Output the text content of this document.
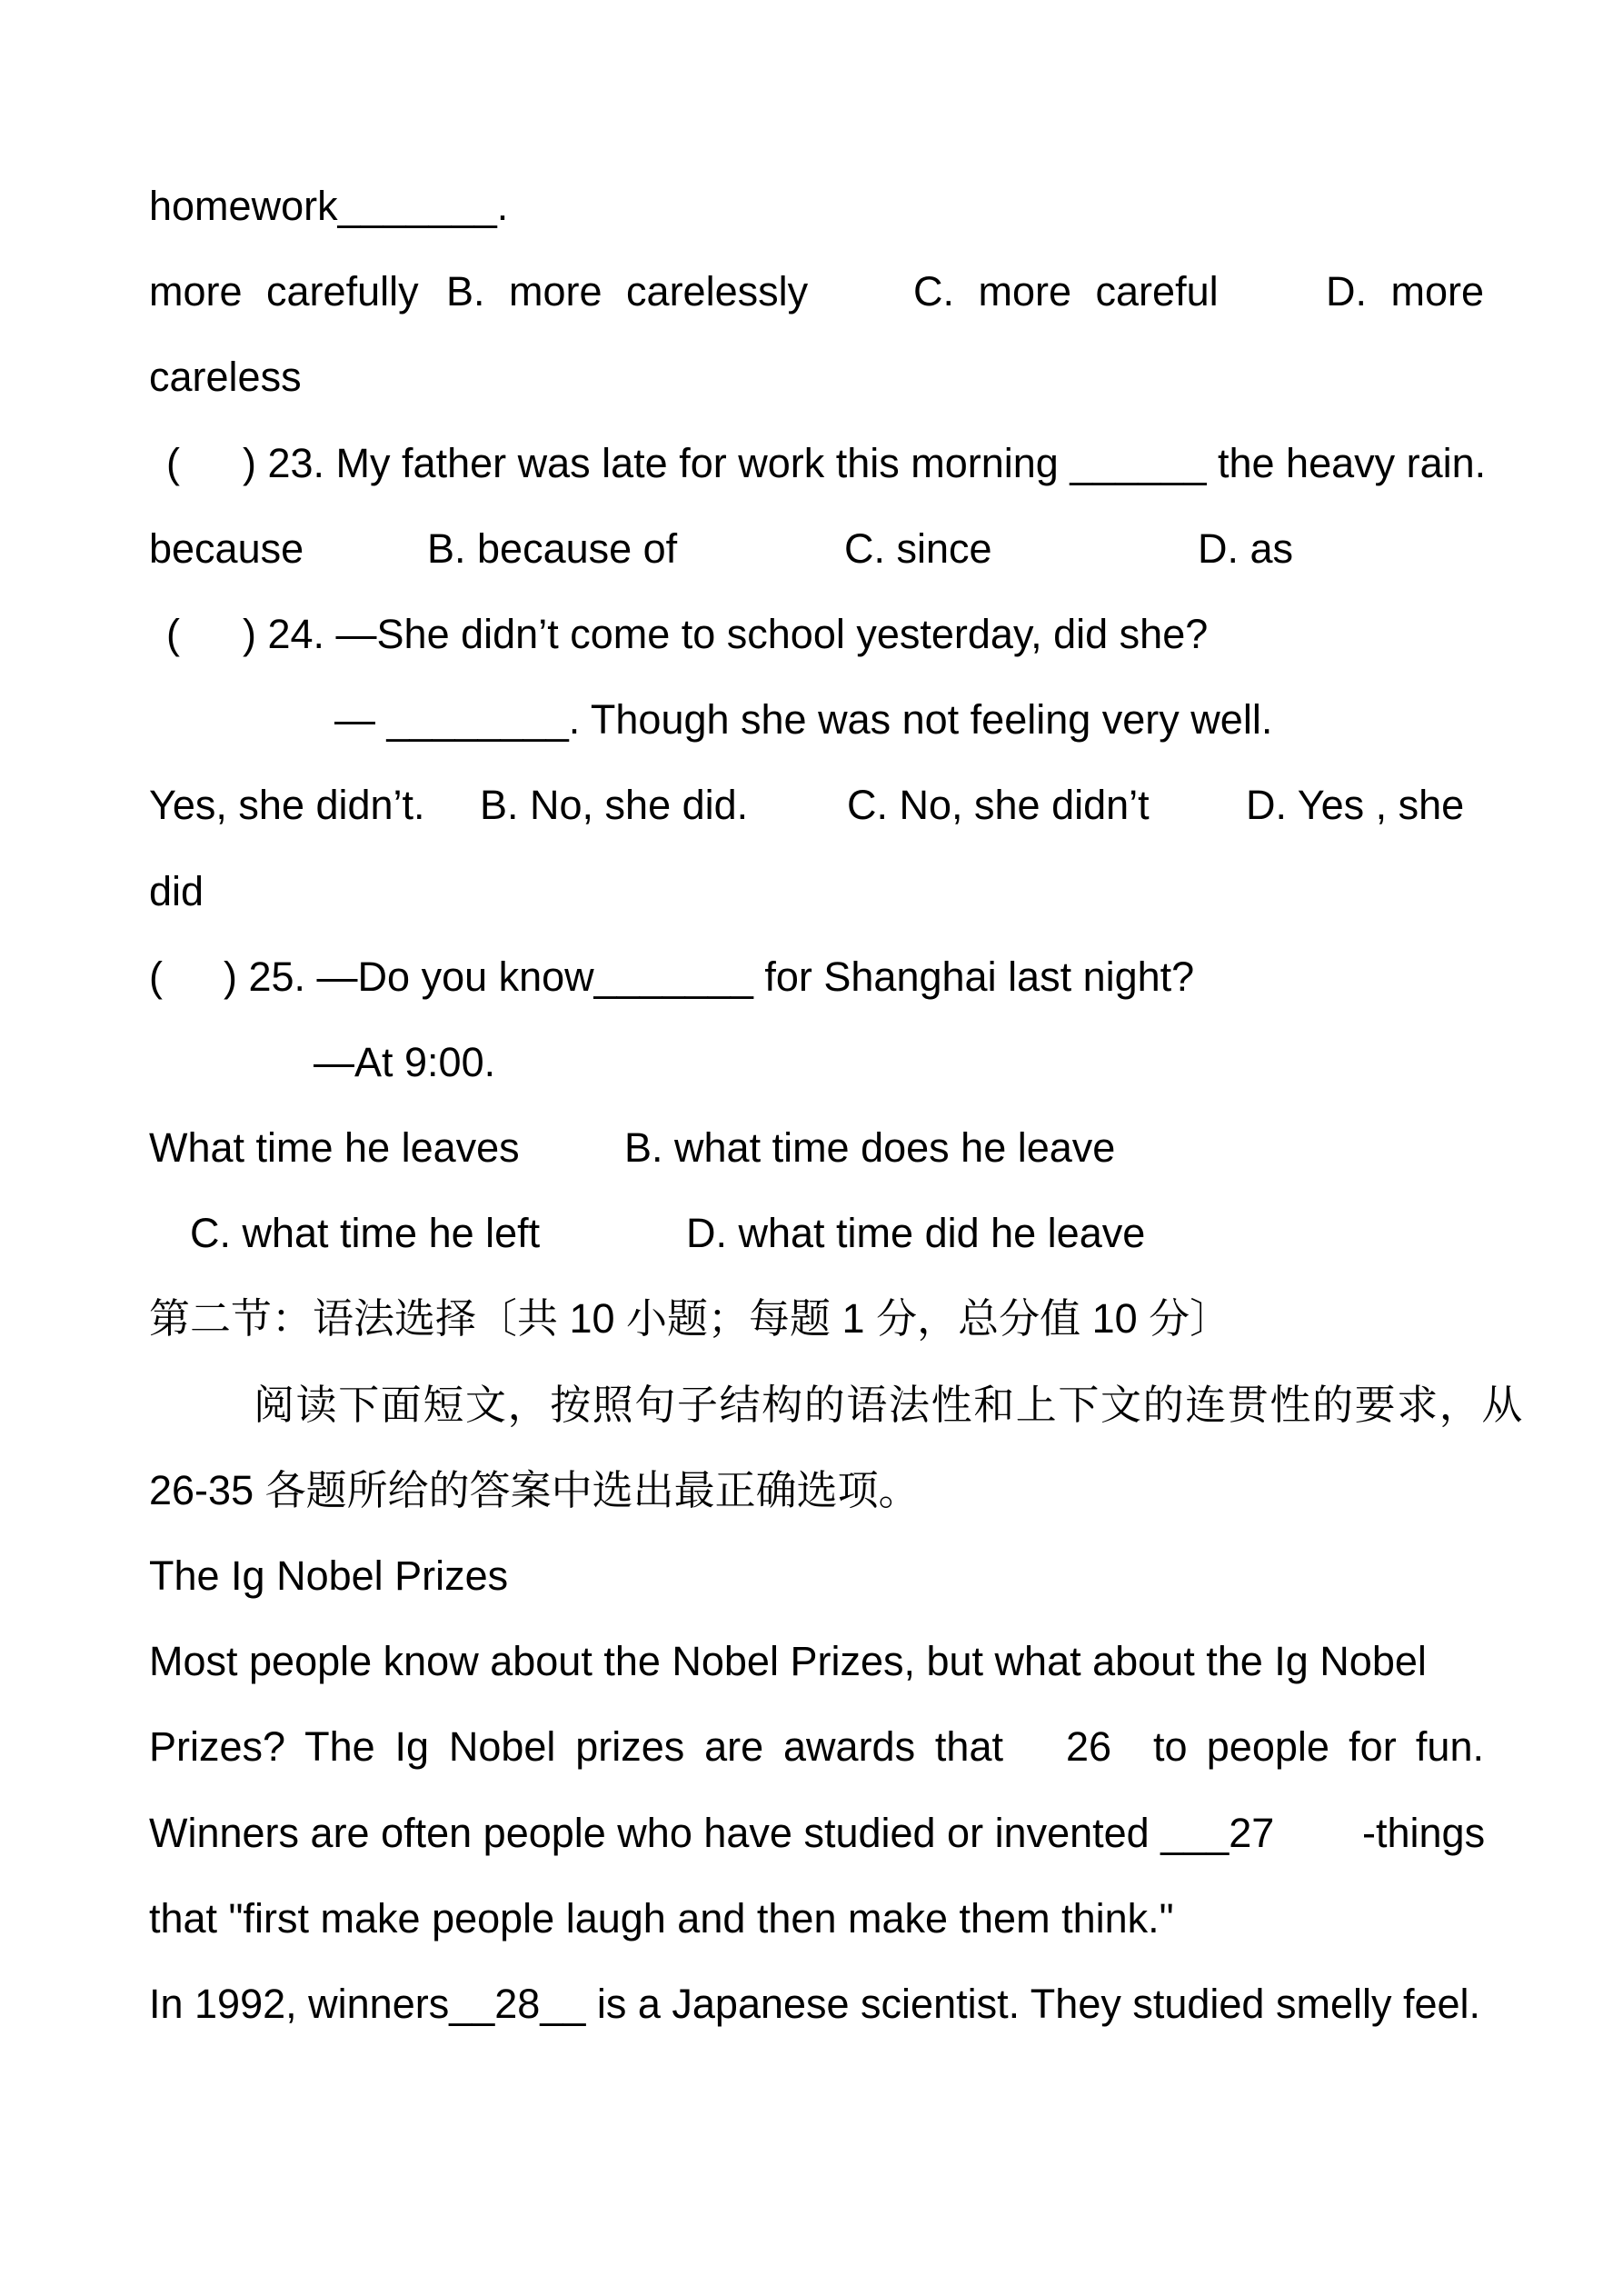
homework_______.
more carefully B. more carelessly	C. more careful	D. more
careless
( ) 23. My father was late for work this morning ______ the heavy rain.
because	B. because of	C. since	D. as
( ) 24. —She didn’t come to school yesterday, did she?
— ________. Though she was not feeling very well.
Yes, she didn’t. B. No, she did. C. No, she didn’t D. Yes , she
did
( ) 25. —Do you know_______ for Shanghai last night?
—At 9:00.
What time he leaves	B. what time does he leave
C. what time he left	D. what time did he leave
第二节：语法选择〔共 10 小题；每题 1 分，总分值 10 分〕
阅读下面短文，按照句子结构的语法性和上下文的连贯性的要求，从
26-35 各题所给的答案中选出最正确选项。
The Ig Nobel Prizes
Most people know about the Nobel Prizes, but what about the Ig Nobel
Prizes? The Ig Nobel prizes are awards that 26 to people for fun.
Winners are often people who have studied or invented ___27 -things
that "first make people laugh and then make them think."
In 1992, winners__28__ is a Japanese scientist. They studied smelly feel.
